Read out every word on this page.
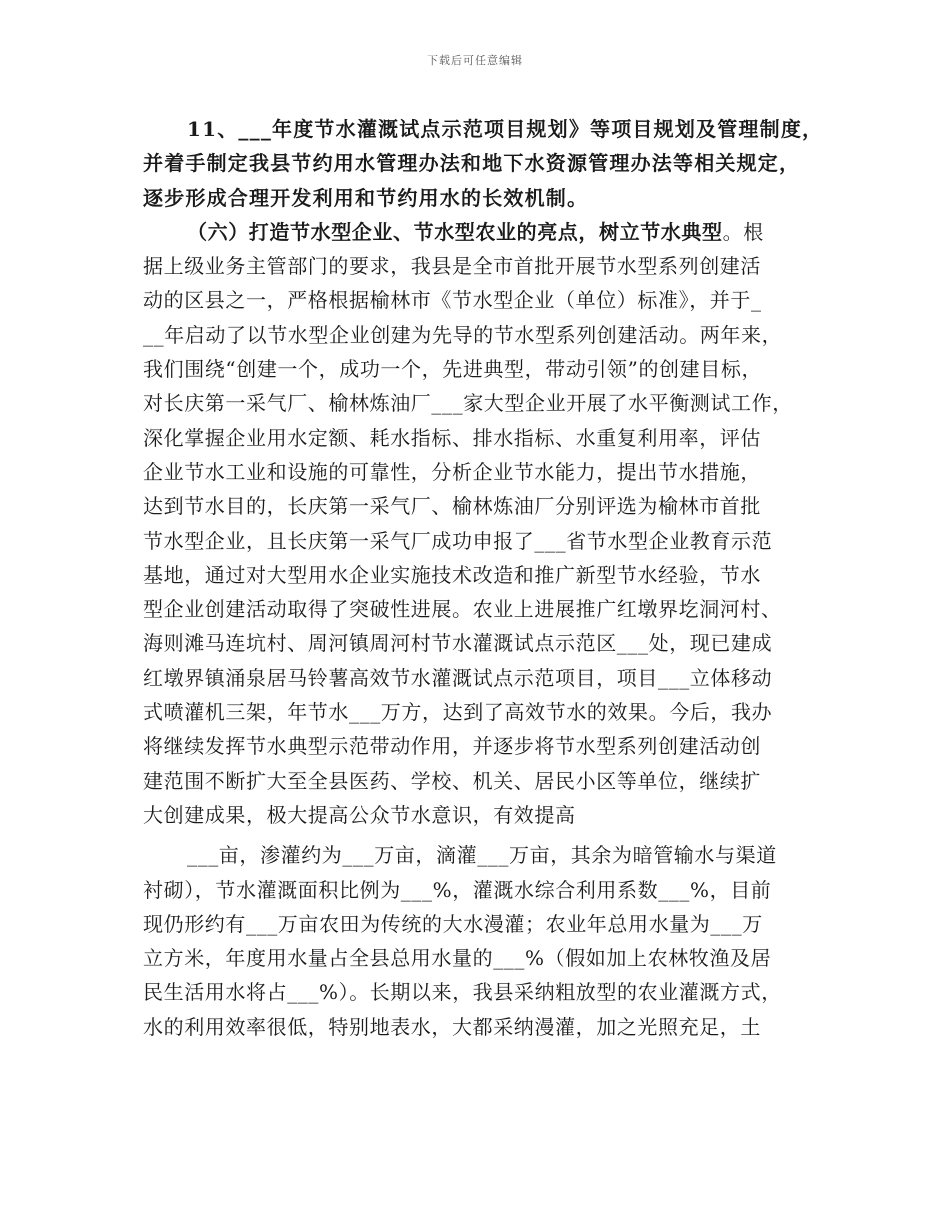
下载后可任意编辑
11、___年度节水灌溉试点示范项目规划》等项目规划及管理制度，
并着手制定我县节约用水管理办法和地下水资源管理办法等相关规定，
逐步形成合理开发利用和节约用水的长效机制。
（六）打造节水型企业、节水型农业的亮点，树立节水典型。根
据上级业务主管部门的要求，我县是全市首批开展节水型系列创建活
动的区县之一，严格根据榆林市《节水型企业（单位）标准》，并于_
__年启动了以节水型企业创建为先导的节水型系列创建活动。两年来，
我们围绕“创建一个，成功一个，先进典型，带动引领”的创建目标，
对长庆第一采气厂、榆林炼油厂___家大型企业开展了水平衡测试工作，
深化掌握企业用水定额、耗水指标、排水指标、水重复利用率，评估
企业节水工业和设施的可靠性，分析企业节水能力，提出节水措施，
达到节水目的，长庆第一采气厂、榆林炼油厂分别评选为榆林市首批
节水型企业，且长庆第一采气厂成功申报了___省节水型企业教育示范
基地，通过对大型用水企业实施技术改造和推广新型节水经验，节水
型企业创建活动取得了突破性进展。农业上进展推广红墩界圪洞河村、
海则滩马连坑村、周河镇周河村节水灌溉试点示范区___处，现已建成
红墩界镇涌泉居马铃薯高效节水灌溉试点示范项目，项目___立体移动
式喷灌机三架，年节水___万方，达到了高效节水的效果。今后，我办
将继续发挥节水典型示范带动作用，并逐步将节水型系列创建活动创
建范围不断扩大至全县医药、学校、机关、居民小区等单位，继续扩
大创建成果，极大提高公众节水意识，有效提高
___亩，渗灌约为___万亩，滴灌___万亩，其余为暗管输水与渠道
衬砌），节水灌溉面积比例为___%，灌溉水综合利用系数___%，目前
现仍形约有___万亩农田为传统的大水漫灌；农业年总用水量为___万
立方米，年度用水量占全县总用水量的___%（假如加上农林牧渔及居
民生活用水将占___%）。长期以来，我县采纳粗放型的农业灌溉方式，
水的利用效率很低，特别地表水，大都采纳漫灌，加之光照充足，土
